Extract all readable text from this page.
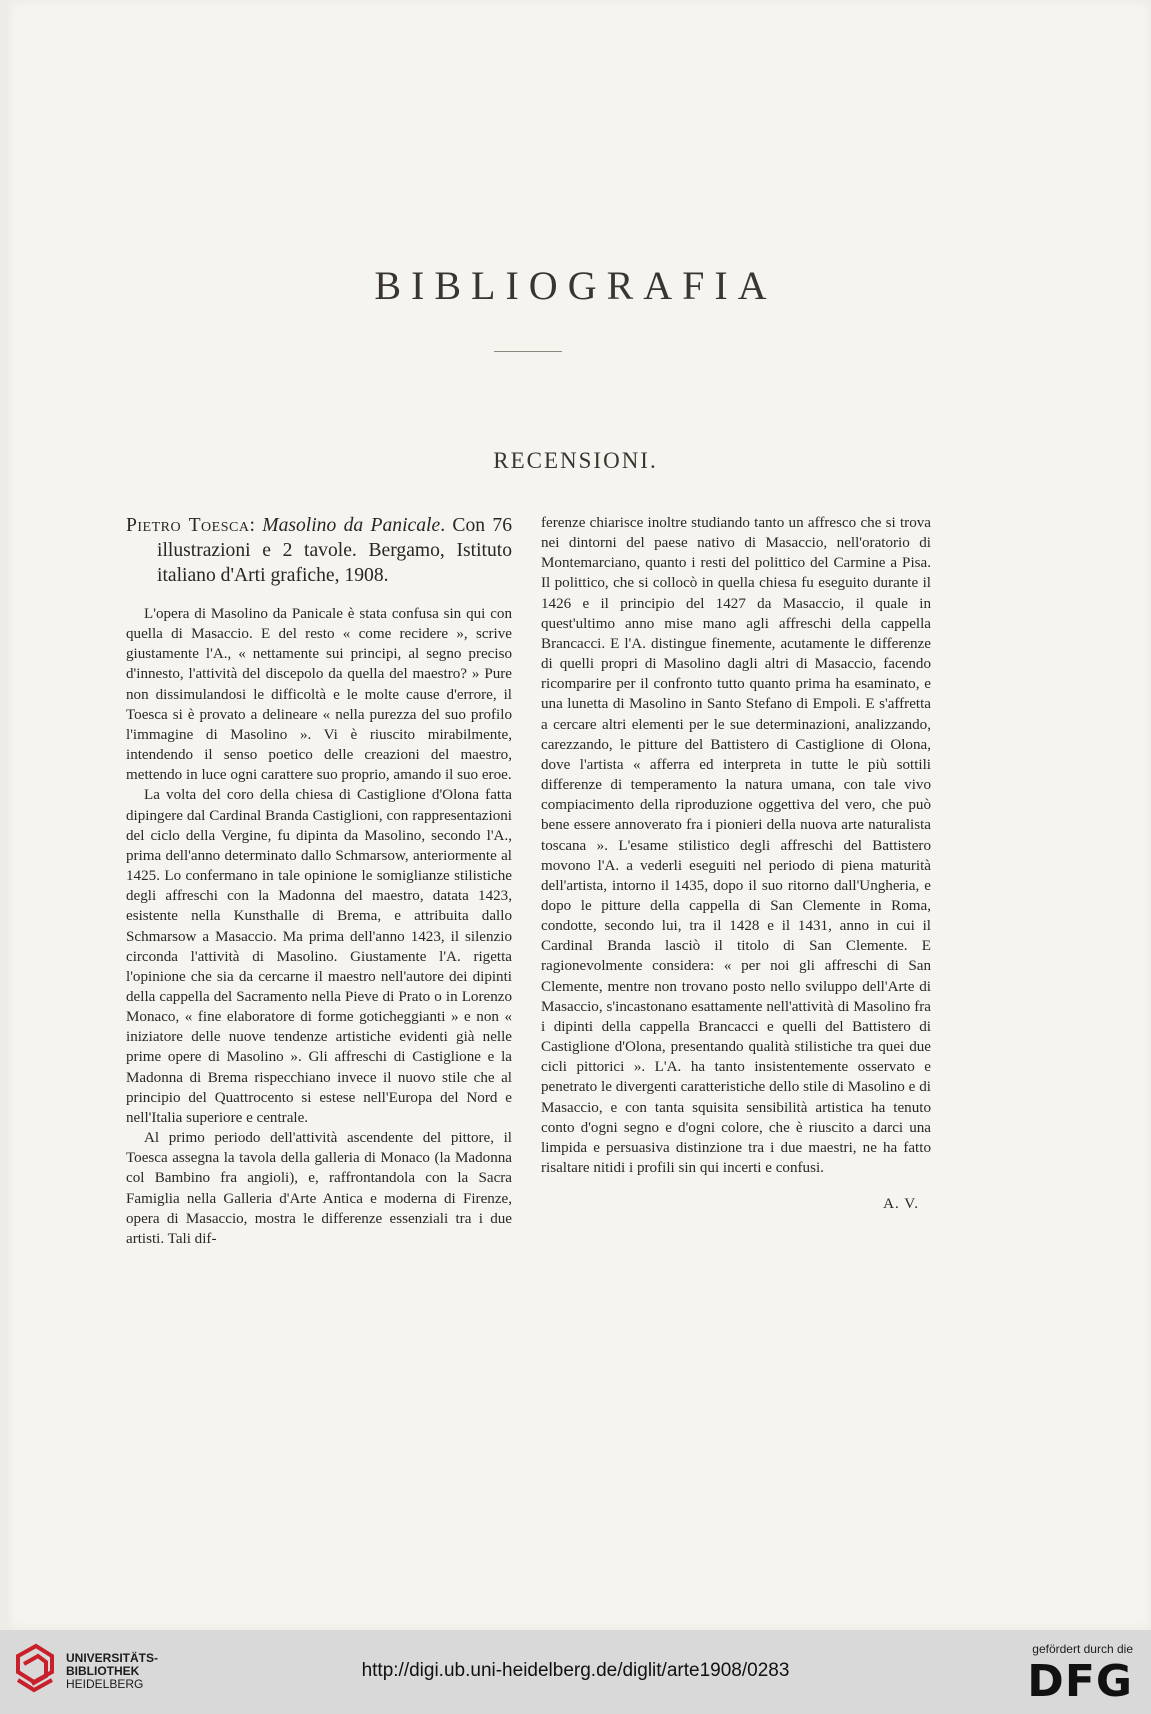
BIBLIOGRAFIA
RECENSIONI.
Pietro Toesca: Masolino da Panicale. Con 76 illustrazioni e 2 tavole. Bergamo, Istituto italiano d'Arti grafiche, 1908.

L'opera di Masolino da Panicale è stata confusa sin qui con quella di Masaccio. E del resto « come recidere », scrive giustamente l'A., « nettamente sui principi, al segno preciso d'innesto, l'attività del discepolo da quella del maestro? » Pure non dissimulandosi le difficoltà e le molte cause d'errore, il Toesca si è provato a delineare « nella purezza del suo profilo l'immagine di Masolino ». Vi è riuscito mirabilmente, intendendo il senso poetico delle creazioni del maestro, mettendo in luce ogni carattere suo proprio, amando il suo eroe.

La volta del coro della chiesa di Castiglione d'Olona fatta dipingere dal Cardinal Branda Castiglioni, con rappresentazioni del ciclo della Vergine, fu dipinta da Masolino, secondo l'A., prima dell'anno determinato dallo Schmarsow, anteriormente al 1425. Lo confermano in tale opinione le somiglianze stilistiche degli affreschi con la Madonna del maestro, datata 1423, esistente nella Kunsthalle di Brema, e attribuita dallo Schmarsow a Masaccio. Ma prima dell'anno 1423, il silenzio circonda l'attività di Masolino. Giustamente l'A. rigetta l'opinione che sia da cercarne il maestro nell'autore dei dipinti della cappella del Sacramento nella Pieve di Prato o in Lorenzo Monaco, « fine elaboratore di forme goticheggianti » e non « iniziatore delle nuove tendenze artistiche evidenti già nelle prime opere di Masolino ». Gli affreschi di Castiglione e la Madonna di Brema rispecchiano invece il nuovo stile che al principio del Quattrocento si estese nell'Europa del Nord e nell'Italia superiore e centrale.

Al primo periodo dell'attività ascendente del pittore, il Toesca assegna la tavola della galleria di Monaco (la Madonna col Bambino fra angioli), e, raffrontandola con la Sacra Famiglia nella Galleria d'Arte Antica e moderna di Firenze, opera di Masaccio, mostra le differenze essenziali tra i due artisti. Tali dif-

ferenze chiarisce inoltre studiando tanto un affresco che si trova nei dintorni del paese nativo di Masaccio, nell'oratorio di Montemarciano, quanto i resti del polittico del Carmine a Pisa. Il polittico, che si collocò in quella chiesa fu eseguito durante il 1426 e il principio del 1427 da Masaccio, il quale in quest'ultimo anno mise mano agli affreschi della cappella Brancacci. E l'A. distingue finemente, acutamente le differenze di quelli propri di Masolino dagli altri di Masaccio, facendo ricomparire per il confronto tutto quanto prima ha esaminato, e una lunetta di Masolino in Santo Stefano di Empoli. E s'affretta a cercare altri elementi per le sue determinazioni, analizzando, carezzando, le pitture del Battistero di Castiglione di Olona, dove l'artista « afferra ed interpreta in tutte le più sottili differenze di temperamento la natura umana, con tale vivo compiacimento della riproduzione oggettiva del vero, che può bene essere annoverato fra i pionieri della nuova arte naturalista toscana ». L'esame stilistico degli affreschi del Battistero movono l'A. a vederli eseguiti nel periodo di piena maturità dell'artista, intorno il 1435, dopo il suo ritorno dall'Ungheria, e dopo le pitture della cappella di San Clemente in Roma, condotte, secondo lui, tra il 1428 e il 1431, anno in cui il Cardinal Branda lasciò il titolo di San Clemente. E ragionevolmente considera: « per noi gli affreschi di San Clemente, mentre non trovano posto nello sviluppo dell'Arte di Masaccio, s'incastonano esattamente nell'attività di Masolino fra i dipinti della cappella Brancacci e quelli del Battistero di Castiglione d'Olona, presentando qualità stilistiche tra quei due cicli pittorici ». L'A. ha tanto insistentemente osservato e penetrato le divergenti caratteristiche dello stile di Masolino e di Masaccio, e con tanta squisita sensibilità artistica ha tenuto conto d'ogni segno e d'ogni colore, che è riuscito a darci una limpida e persuasiva distinzione tra i due maestri, ne ha fatto risaltare nitidi i profili sin qui incerti e confusi.

A. V.
UNIVERSITÄTS-
BIBLIOTHEK
HEIDELBERG
http://digi.ub.uni-heidelberg.de/diglit/arte1908/0283
gefördert durch die
DFG
